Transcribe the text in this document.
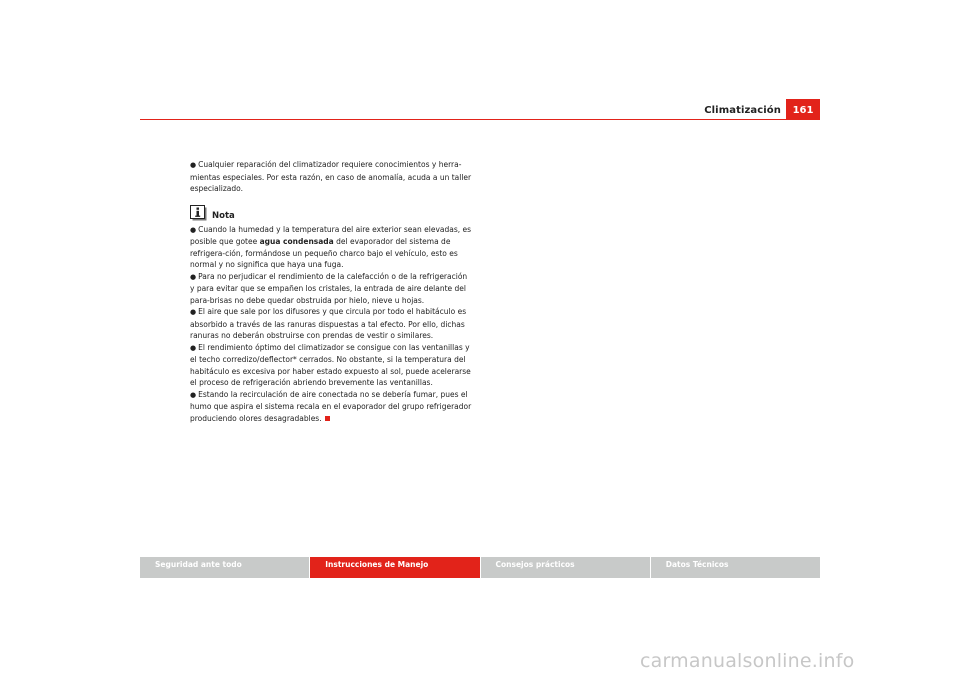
Climatización	161

● Cualquier reparación del climatizador requiere conocimientos y herra-mientas especiales. Por esta razón, en caso de anomalía, acuda a un taller especializado.

Nota

● Cuando la humedad y la temperatura del aire exterior sean elevadas, es posible que gotee agua condensada del evaporador del sistema de refrigera-ción, formándose un pequeño charco bajo el vehículo, esto es normal y no significa que haya una fuga.

● Para no perjudicar el rendimiento de la calefacción o de la refrigeración y para evitar que se empañen los cristales, la entrada de aire delante del para-brisas no debe quedar obstruida por hielo, nieve u hojas.

● El aire que sale por los difusores y que circula por todo el habitáculo es absorbido a través de las ranuras dispuestas a tal efecto. Por ello, dichas ranuras no deberán obstruirse con prendas de vestir o similares.

● El rendimiento óptimo del climatizador se consigue con las ventanillas y el techo corredizo/deflector* cerrados. No obstante, si la temperatura del habitáculo es excesiva por haber estado expuesto al sol, puede acelerarse el proceso de refrigeración abriendo brevemente las ventanillas.

● Estando la recirculación de aire conectada no se debería fumar, pues el humo que aspira el sistema recala en el evaporador del grupo refrigerador produciendo olores desagradables.

Seguridad ante todo	Instrucciones de Manejo	Consejos prácticos	Datos Técnicos
carmanualsonline.info
